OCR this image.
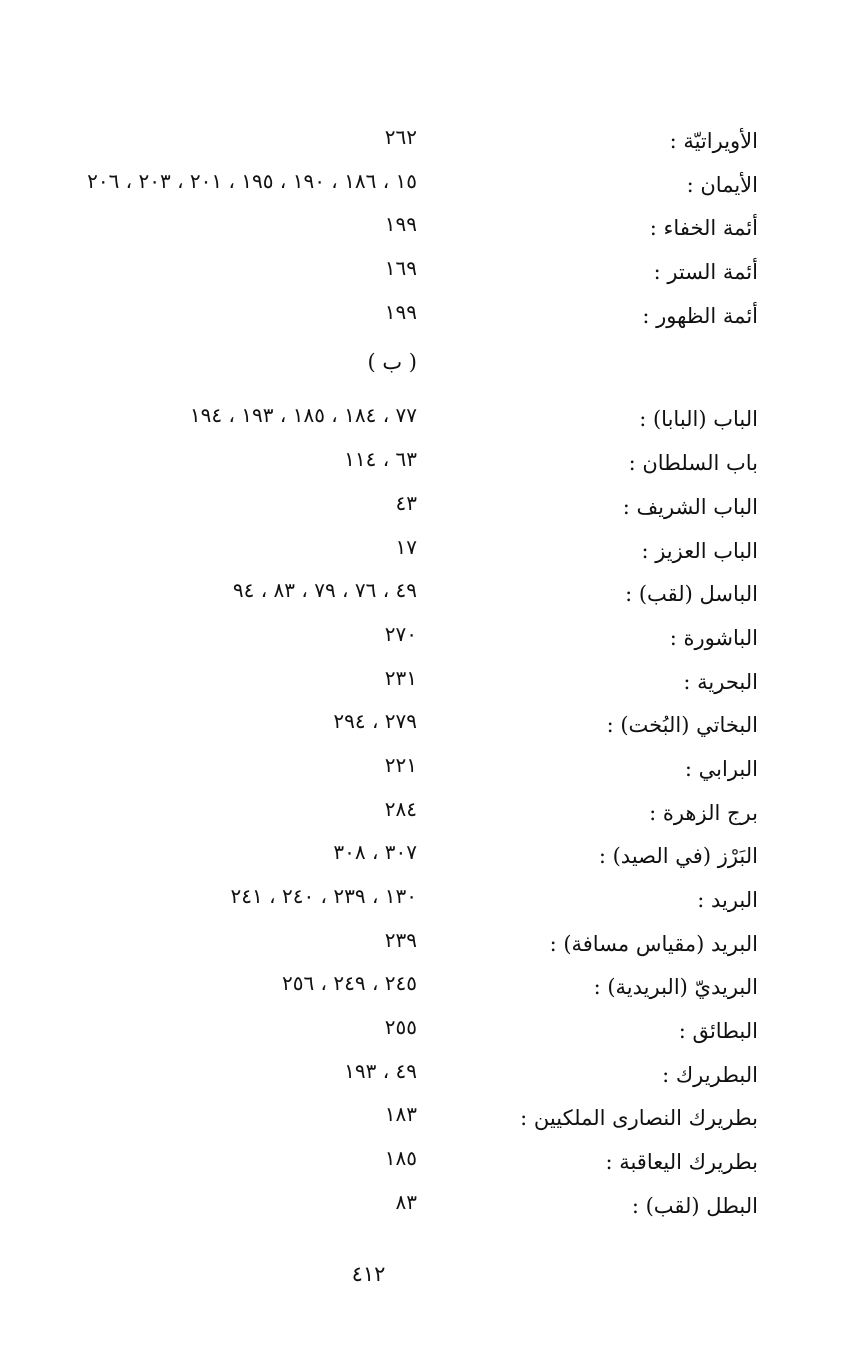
الأويراتيّة :
٢٦٢
الأيمان :
١٥ ، ١٨٦ ، ١٩٠ ، ١٩٥ ، ٢٠١ ، ٢٠٣ ، ٢٠٦
أئمة الخفاء :
١٩٩
أئمة الستر :
١٦٩
أئمة الظهور :
١٩٩
( ب )
الباب (البابا) :
٧٧ ، ١٨٤ ، ١٨٥ ، ١٩٣ ، ١٩٤
باب السلطان :
٦٣ ، ١١٤
الباب الشريف :
٤٣
الباب العزيز :
١٧
الباسل (لقب) :
٤٩ ، ٧٦ ، ٧٩ ، ٨٣ ، ٩٤
الباشورة :
٢٧٠
البحرية :
٢٣١
البخاتي (البُخت) :
٢٧٩ ، ٢٩٤
البرابي :
٢٢١
برج الزهرة :
٢٨٤
البَرْز (في الصيد) :
٣٠٧ ، ٣٠٨
البريد :
١٣٠ ، ٢٣٩ ، ٢٤٠ ، ٢٤١
البريد (مقياس مسافة) :
٢٣٩
البريديّ (البريدية) :
٢٤٥ ، ٢٤٩ ، ٢٥٦
البطائق :
٢٥٥
البطريرك :
٤٩ ، ١٩٣
بطريرك النصارى الملكيين :
١٨٣
بطريرك اليعاقبة :
١٨٥
البطل (لقب) :
٨٣
٤١٢
